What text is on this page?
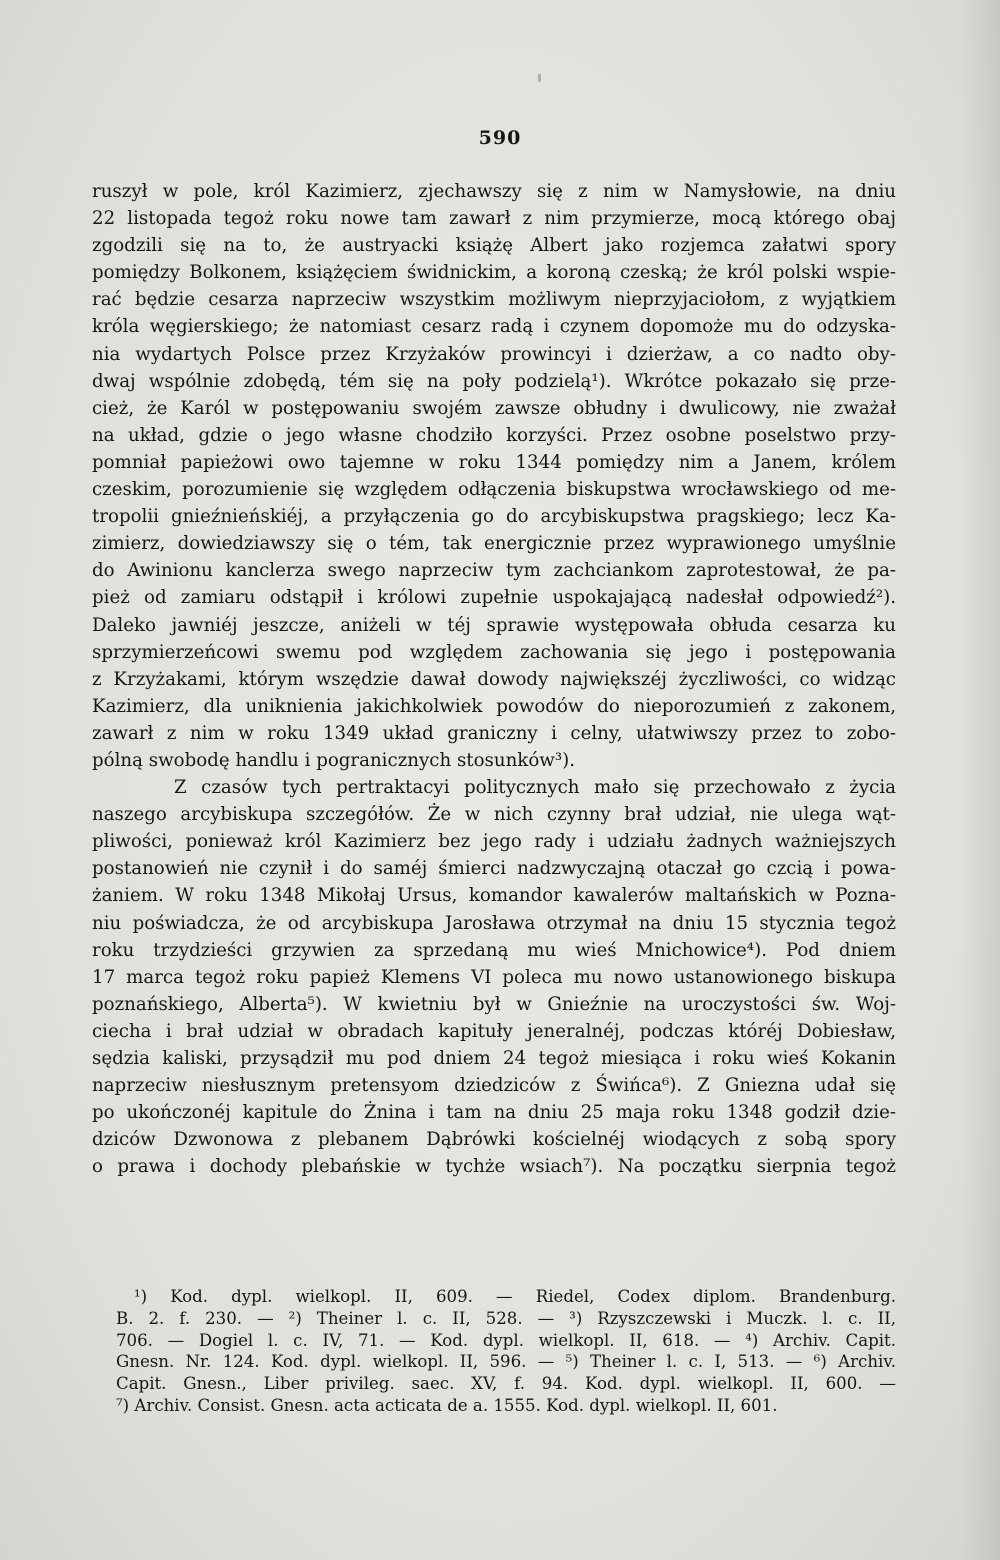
590
ruszył w pole, król Kazimierz, zjechawszy się z nim w Namysłowie, na dniu
22 listopada tegoż roku nowe tam zawarł z nim przymierze, mocą którego obaj
zgodzili się na to, że austryacki książę Albert jako rozjemca załatwi spory
pomiędzy Bolkonem, książęciem świdnickim, a koroną czeską; że król polski wspie-
rać będzie cesarza naprzeciw wszystkim możliwym nieprzyjaciołom, z wyjątkiem
króla węgierskiego; że natomiast cesarz radą i czynem dopomoże mu do odzyska-
nia wydartych Polsce przez Krzyżaków prowincyi i dzierżaw, a co nadto oby-
dwaj wspólnie zdobędą, tém się na poły podzielą¹). Wkrótce pokazało się prze-
cież, że Karól w postępowaniu swojém zawsze obłudny i dwulicowy, nie zważał
na układ, gdzie o jego własne chodziło korzyści. Przez osobne poselstwo przy-
pomniał papieżowi owo tajemne w roku 1344 pomiędzy nim a Janem, królem
czeskim, porozumienie się względem odłączenia biskupstwa wrocławskiego od me-
tropolii gnieźnieńskiéj, a przyłączenia go do arcybiskupstwa pragskiego; lecz Ka-
zimierz, dowiedziawszy się o tém, tak energicznie przez wyprawionego umyślnie
do Awinionu kanclerza swego naprzeciw tym zachciankom zaprotestował, że pa-
pież od zamiaru odstąpił i królowi zupełnie uspokajającą nadesłał odpowiedź²).
Daleko jawniéj jeszcze, aniżeli w téj sprawie występowała obłuda cesarza ku
sprzymierzeńcowi swemu pod względem zachowania się jego i postępowania
z Krzyżakami, którym wszędzie dawał dowody największéj życzliwości, co widząc
Kazimierz, dla uniknienia jakichkolwiek powodów do nieporozumień z zakonem,
zawarł z nim w roku 1349 układ graniczny i celny, ułatwiwszy przez to zobo-
pólną swobodę handlu i pogranicznych stosunków³).
Z czasów tych pertraktacyi politycznych mało się przechowało z życia
naszego arcybiskupa szczegółów. Że w nich czynny brał udział, nie ulega wąt-
pliwości, ponieważ król Kazimierz bez jego rady i udziału żadnych ważniejszych
postanowień nie czynił i do saméj śmierci nadzwyczajną otaczał go czcią i powa-
żaniem. W roku 1348 Mikołaj Ursus, komandor kawalerów maltańskich w Pozna-
niu poświadcza, że od arcybiskupa Jarosława otrzymał na dniu 15 stycznia tegoż
roku trzydzieści grzywien za sprzedaną mu wieś Mnichowice⁴). Pod dniem
17 marca tegoż roku papież Klemens VI poleca mu nowo ustanowionego biskupa
poznańskiego, Alberta⁵). W kwietniu był w Gnieźnie na uroczystości św. Woj-
ciecha i brał udział w obradach kapituły jeneralnéj, podczas któréj Dobiesław,
sędzia kaliski, przysądził mu pod dniem 24 tegoż miesiąca i roku wieś Kokanin
naprzeciw niesłusznym pretensyom dziedziców z Świńca⁶). Z Gniezna udał się
po ukończonéj kapitule do Żnina i tam na dniu 25 maja roku 1348 godził dzie-
dziców Dzwonowa z plebanem Dąbrówki kościelnéj wiodących z sobą spory
o prawa i dochody plebańskie w tychże wsiach⁷). Na początku sierpnia tegoż
¹) Kod. dypl. wielkopl. II, 609. — Riedel, Codex diplom. Brandenburg.
B. 2. f. 230. — ²) Theiner l. c. II, 528. — ³) Rzyszczewski i Muczk. l. c. II,
706. — Dogiel l. c. IV, 71. — Kod. dypl. wielkopl. II, 618. — ⁴) Archiv. Capit.
Gnesn. Nr. 124. Kod. dypl. wielkopl. II, 596. — ⁵) Theiner l. c. I, 513. — ⁶) Archiv.
Capit. Gnesn., Liber privileg. saec. XV, f. 94. Kod. dypl. wielkopl. II, 600. —
⁷) Archiv. Consist. Gnesn. acta acticata de a. 1555. Kod. dypl. wielkopl. II, 601.
